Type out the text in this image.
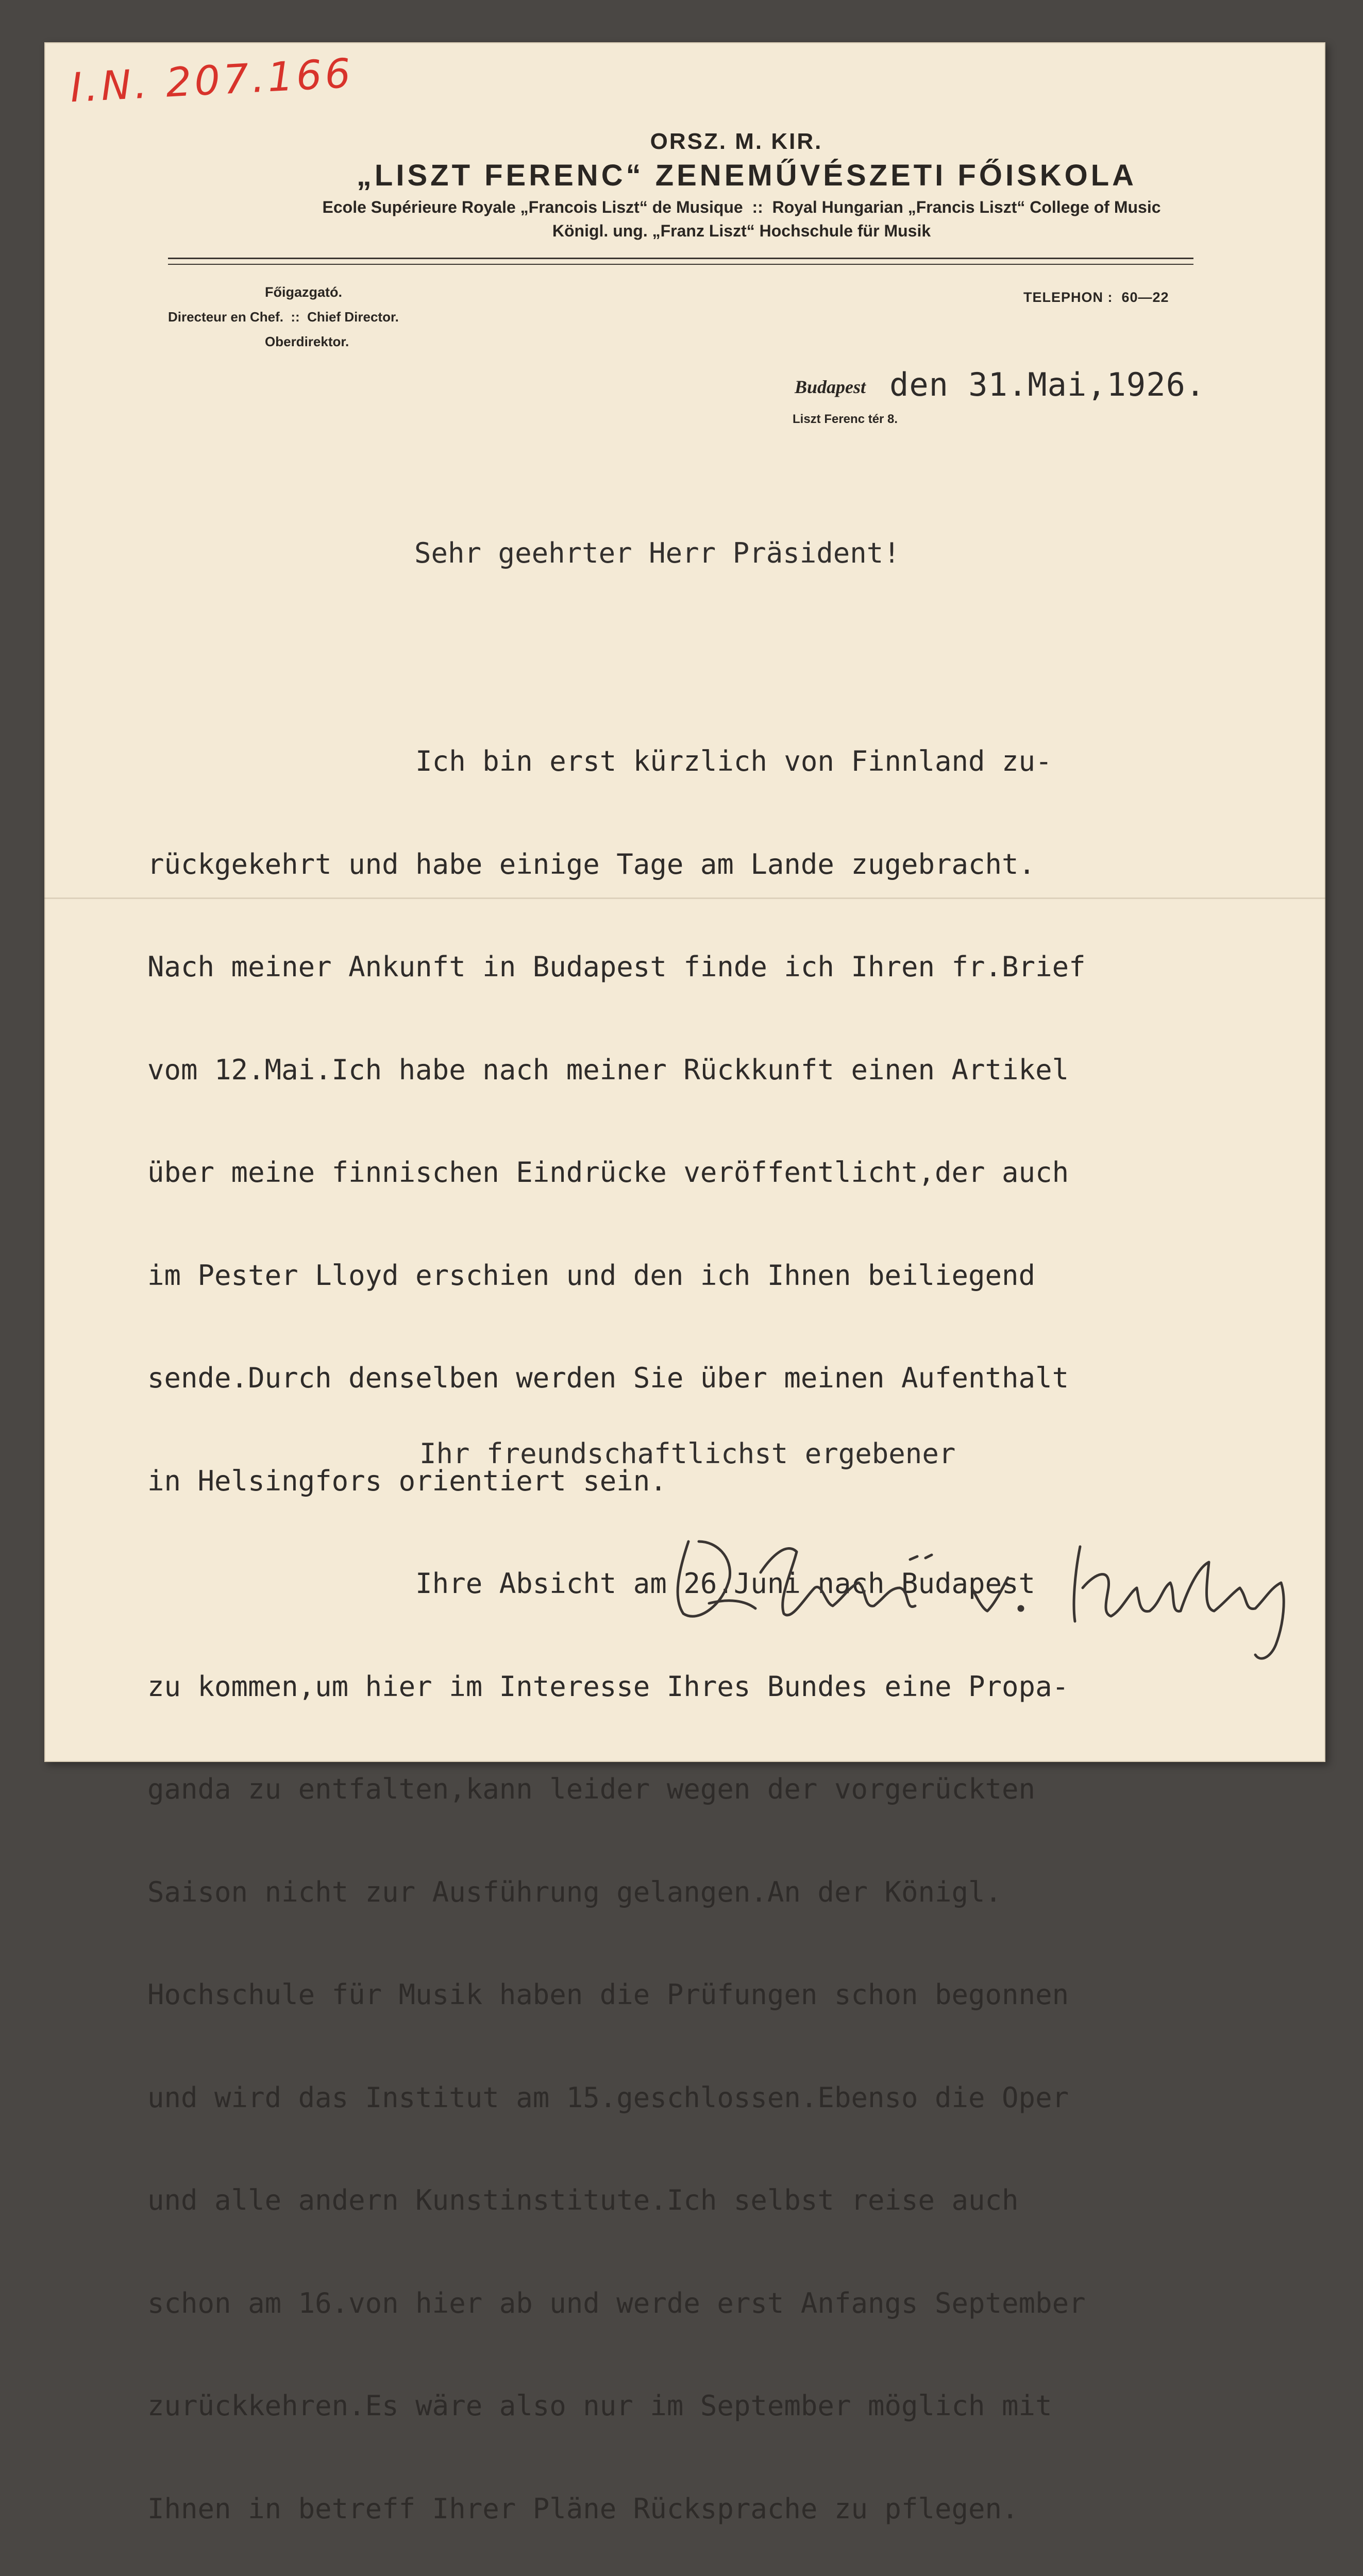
I.N. 207.166
ORSZ. M. KIR.
„LISZT FERENC“ ZENEMŰVÉSZETI FŐISKOLA
Ecole Supérieure Royale „Francois Liszt“ de Musique  ::  Royal Hungarian „Francis Liszt“ College of Music
Königl. ung. „Franz Liszt“ Hochschule für Musik
Főigazgató.
Directeur en Chef.  ::  Chief Director.
Oberdirektor.
TELEPHON :  60—22
Budapest den 31.Mai,1926.
Liszt Ferenc tér 8.
Sehr geehrter Herr Präsident!

Ich bin erst kürzlich von Finnland zu-

rückgekehrt und habe einige Tage am Lande zugebracht.

Nach meiner Ankunft in Budapest finde ich Ihren fr.Brief

vom 12.Mai.Ich habe nach meiner Rückkunft einen Artikel

über meine finnischen Eindrücke veröffentlicht,der auch

im Pester Lloyd erschien und den ich Ihnen beiliegend

sende.Durch denselben werden Sie über meinen Aufenthalt

in Helsingfors orientiert sein.

Ihre Absicht am 26.Juni nach Budapest

zu kommen,um hier im Interesse Ihres Bundes eine Propa-

ganda zu entfalten,kann leider wegen der vorgerückten

Saison nicht zur Ausführung gelangen.An der Königl.

Hochschule für Musik haben die Prüfungen schon begonnen

und wird das Institut am 15.geschlossen.Ebenso die Oper

und alle andern Kunstinstitute.Ich selbst reise auch

schon am 16.von hier ab und werde erst Anfangs September

zurückkehren.Es wäre also nur im September möglich mit

Ihnen in betreff Ihrer Pläne Rücksprache zu pflegen.

Ihr freundschaftlichst ergebener
